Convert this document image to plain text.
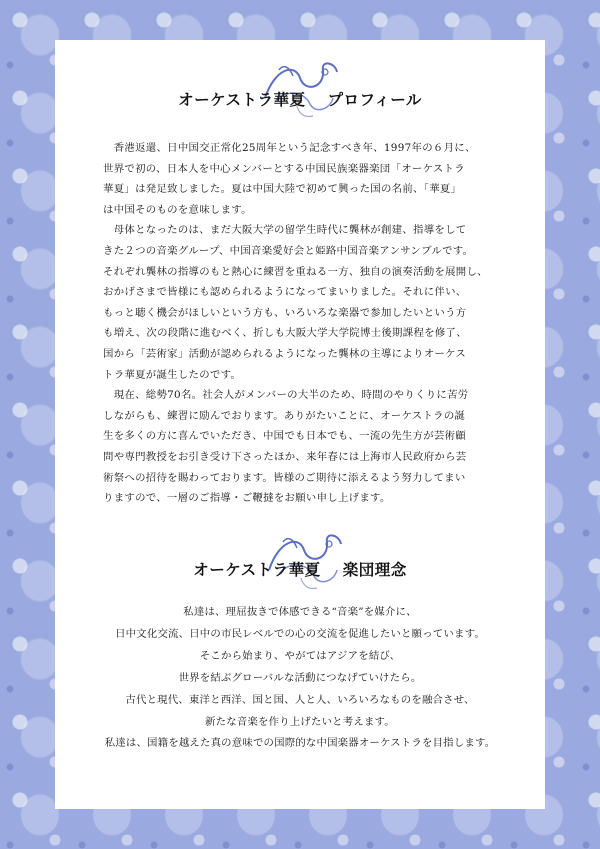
オーケストラ華夏 プロフィール
　香港返還、日中国交正常化25周年という記念すべき年、1997年の６月に、
世界で初の、日本人を中心メンバーとする中国民族楽器楽団「オーケストラ
華夏」は発足致しました。夏は中国大陸で初めて興った国の名前、「華夏」
は中国そのものを意味します。
　母体となったのは、まだ大阪大学の留学生時代に龔林が創建、指導をして
きた２つの音楽グループ、中国音楽愛好会と姫路中国音楽アンサンブルです。
それぞれ龔林の指導のもと熱心に練習を重ねる一方、独自の演奏活動を展開し、
おかげさまで皆様にも認められるようになってまいりました。それに伴い、
もっと聴く機会がほしいという方も、いろいろな楽器で参加したいという方
も増え、次の段階に進むべく、折しも大阪大学大学院博士後期課程を修了、
国から「芸術家」活動が認められるようになった龔林の主導によりオーケス
トラ華夏が誕生したのです。
　現在、総勢70名。社会人がメンバーの大半のため、時間のやりくりに苦労
しながらも、練習に励んでおります。ありがたいことに、オーケストラの誕
生を多くの方に喜んでいただき、中国でも日本でも、一流の先生方が芸術顧
問や専門教授をお引き受け下さったほか、来年春には上海市人民政府から芸
術祭への招待を賜わっております。皆様のご期待に添えるよう努力してまい
りますので、一層のご指導・ご鞭撻をお願い申し上げます。
オーケストラ華夏 楽団理念
私達は、理屈抜きで体感できる“音楽”を媒介に、
日中文化交流、日中の市民レベルでの心の交流を促進したいと願っています。
そこから始まり、やがてはアジアを結び、
世界を結ぶグローバルな活動につなげていけたら。
古代と現代、東洋と西洋、国と国、人と人、いろいろなものを融合させ、
新たな音楽を作り上げたいと考えます。
私達は、国籍を越えた真の意味での国際的な中国楽器オーケストラを目指します。
